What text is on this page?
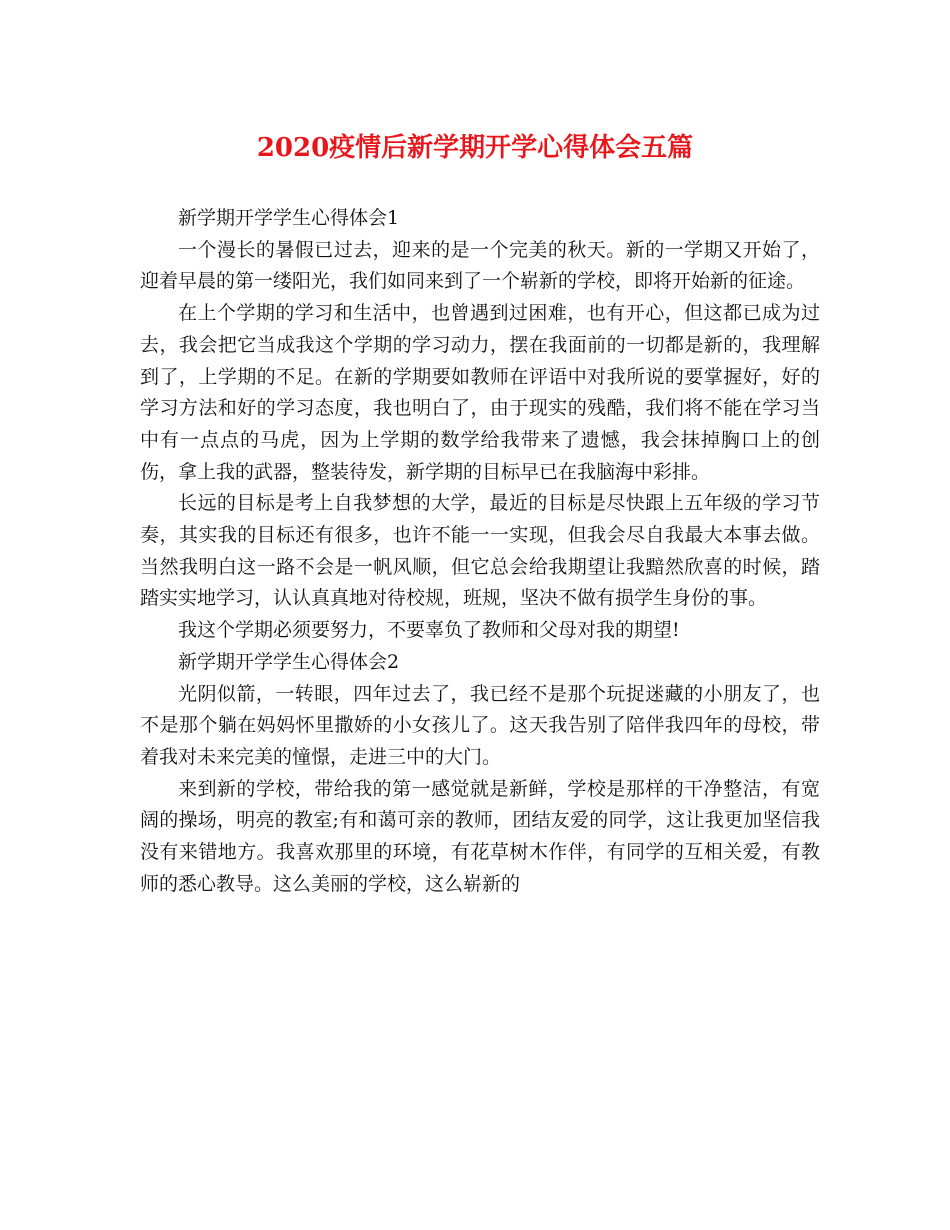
2020疫情后新学期开学心得体会五篇

新学期开学学生心得体会1

一个漫长的暑假已过去，迎来的是一个完美的秋天。新的一学期又开始了，迎着早晨的第一缕阳光，我们如同来到了一个崭新的学校，即将开始新的征途。

在上个学期的学习和生活中，也曾遇到过困难，也有开心，但这都已成为过去，我会把它当成我这个学期的学习动力，摆在我面前的一切都是新的，我理解到了，上学期的不足。在新的学期要如教师在评语中对我所说的要掌握好，好的学习方法和好的学习态度，我也明白了，由于现实的残酷，我们将不能在学习当中有一点点的马虎，因为上学期的数学给我带来了遗憾，我会抹掉胸口上的创伤，拿上我的武器，整装待发，新学期的目标早已在我脑海中彩排。

长远的目标是考上自我梦想的大学，最近的目标是尽快跟上五年级的学习节奏，其实我的目标还有很多，也许不能一一实现，但我会尽自我最大本事去做。当然我明白这一路不会是一帆风顺，但它总会给我期望让我黯然欣喜的时候，踏踏实实地学习，认认真真地对待校规，班规，坚决不做有损学生身份的事。

我这个学期必须要努力，不要辜负了教师和父母对我的期望!

新学期开学学生心得体会2

光阴似箭，一转眼，四年过去了，我已经不是那个玩捉迷藏的小朋友了，也不是那个躺在妈妈怀里撒娇的小女孩儿了。这天我告别了陪伴我四年的母校，带着我对未来完美的憧憬，走进三中的大门。

来到新的学校，带给我的第一感觉就是新鲜，学校是那样的干净整洁，有宽阔的操场，明亮的教室;有和蔼可亲的教师，团结友爱的同学，这让我更加坚信我没有来错地方。我喜欢那里的环境，有花草树木作伴，有同学的互相关爱，有教师的悉心教导。这么美丽的学校，这么崭新的
